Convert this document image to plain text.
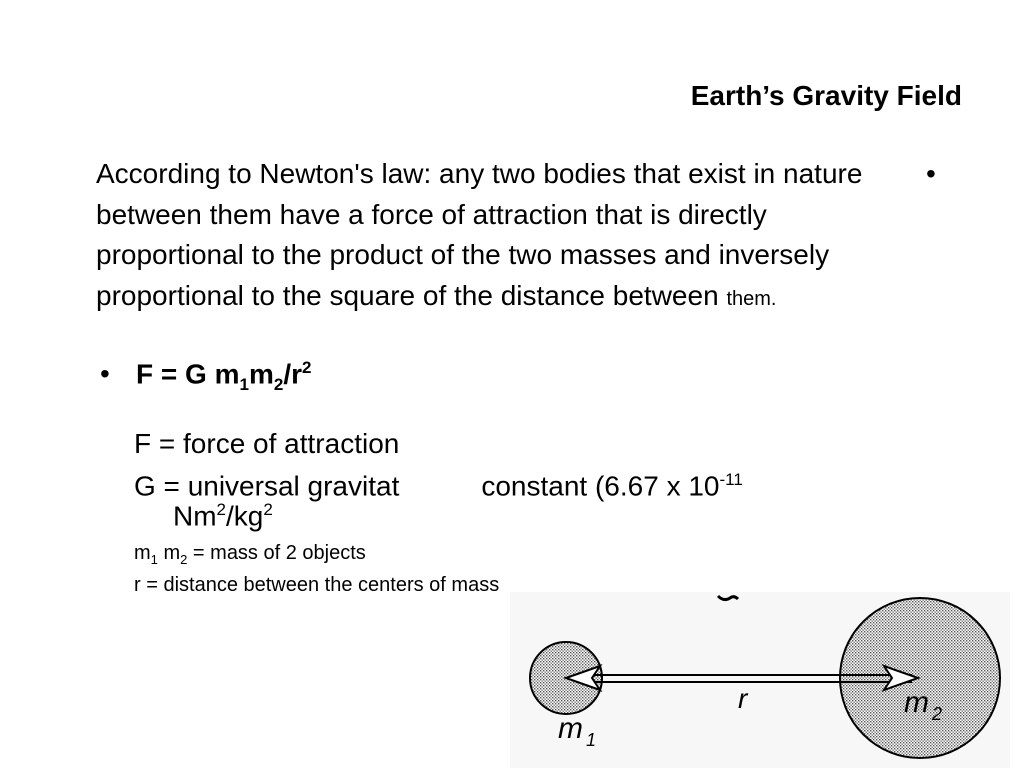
Earth’s Gravity Field
According to Newton's law: any two bodies that exist in nature between them have a force of attraction that is directly proportional to the product of the two masses and inversely proportional to the square of the distance between them.
•
• F = G $m_1m_2/r^2$
F = force of attraction
G = universal gravitat	constant (6.67 x $10^{-11}$
$Nm^2/kg^2$
$m_1$ $m_2$ = mass of 2 objects
r = distance between the centers of mass
r
m 1
m 2
